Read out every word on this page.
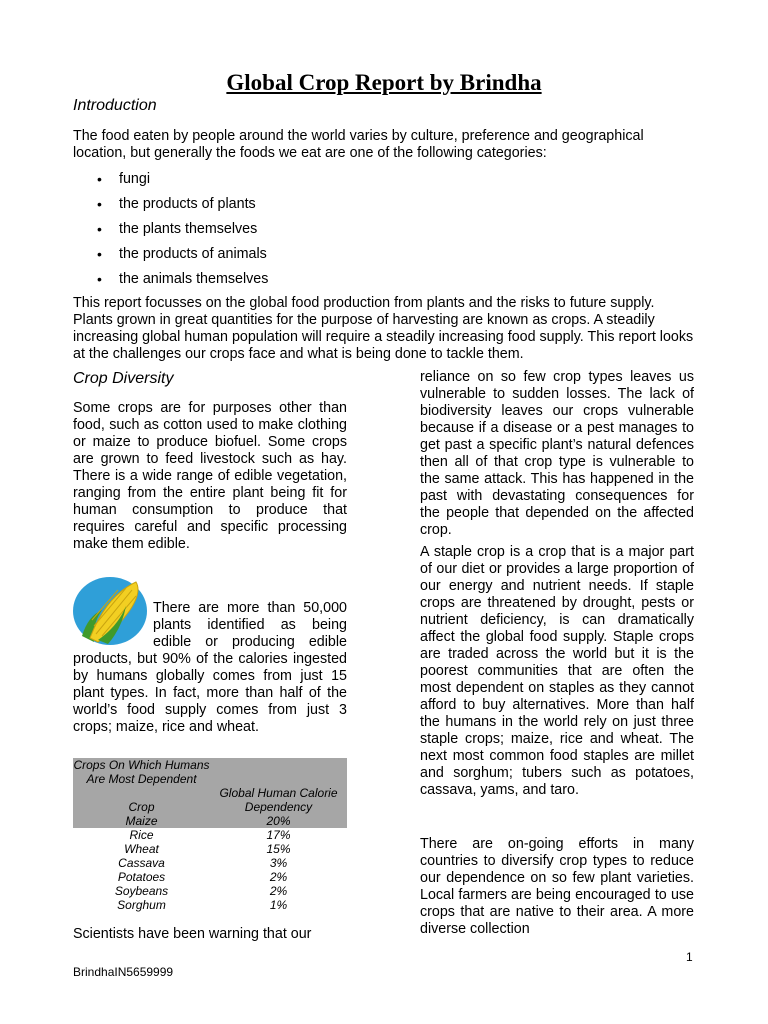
Global Crop Report by Brindha
Introduction
The food eaten by people around the world varies by culture, preference and geographical location, but generally the foods we eat are one of the following categories:
• fungi
• the products of plants
• the plants themselves
• the products of animals
• the animals themselves
This report focusses on the global food production from plants and the risks to future supply. Plants grown in great quantities for the purpose of harvesting are known as crops. A steadily increasing global human population will require a steadily increasing food supply. This report looks at the challenges our crops face and what is being done to tackle them.
Crop Diversity
Some crops are for purposes other than food, such as cotton used to make clothing or maize to produce biofuel. Some crops are grown to feed livestock such as hay. There is a wide range of edible vegetation, ranging from the entire plant being fit for human consumption to produce that requires careful and specific processing make them edible.
There are more than 50,000 plants identified as being edible or producing edible products, but 90% of the calories ingested by humans globally comes from just 15 plant types. In fact, more than half of the world’s food supply comes from just 3 crops; maize, rice and wheat.
Crops On Which Humans Are Most Dependent	
Crop	Global Human Calorie Dependency
Maize	20%
Rice	17%
Wheat	15%
Cassava	3%
Potatoes	2%
Soybeans	2%
Sorghum	1%
Scientists have been warning that our
reliance on so few crop types leaves us vulnerable to sudden losses. The lack of biodiversity leaves our crops vulnerable because if a disease or a pest manages to get past a specific plant’s natural defences then all of that crop type is vulnerable to the same attack. This has happened in the past with devastating consequences for the people that depended on the affected crop.
A staple crop is a crop that is a major part of our diet or provides a large proportion of our energy and nutrient needs. If staple crops are threatened by drought, pests or nutrient deficiency, is can dramatically affect the global food supply. Staple crops are traded across the world but it is the poorest communities that are often the most dependent on staples as they cannot afford to buy alternatives. More than half the humans in the world rely on just three staple crops; maize, rice and wheat. The next most common food staples are millet and sorghum; tubers such as potatoes, cassava, yams, and taro.
There are on-going efforts in many countries to diversify crop types to reduce our dependence on so few plant varieties. Local farmers are being encouraged to use crops that are native to their area. A more diverse collection
1
BrindhaIN5659999
